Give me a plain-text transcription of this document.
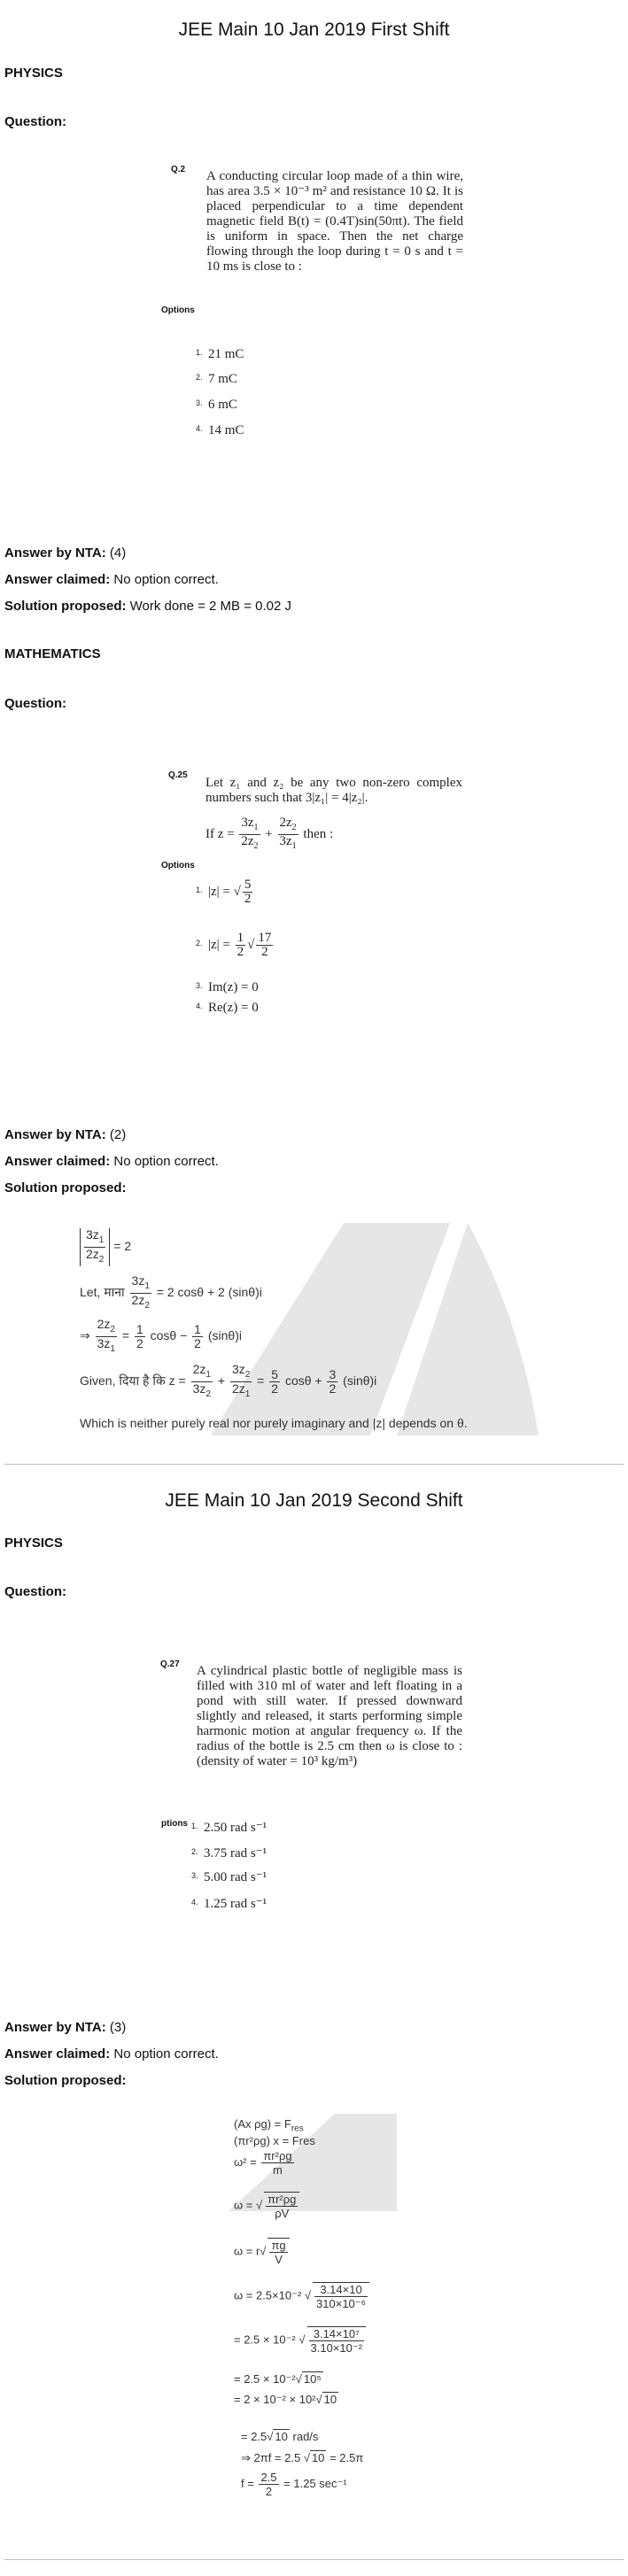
JEE Main 10 Jan 2019 First Shift
PHYSICS
Question:
Q.2 A conducting circular loop made of a thin wire, has area 3.5 × 10⁻³ m² and resistance 10 Ω. It is placed perpendicular to a time dependent magnetic field B(t) = (0.4T)sin(50πt). The field is uniform in space. Then the net charge flowing through the loop during t = 0 s and t = 10 ms is close to :
Options
1. 21 mC
2. 7 mC
3. 6 mC
4. 14 mC
Answer by NTA: (4)
Answer claimed: No option correct.
Solution proposed: Work done = 2 MB = 0.02 J
MATHEMATICS
Question:
Q.25
Let z₁ and z₂ be any two non-zero complex numbers such that 3|z₁| = 4|z₂|.
If $z = \frac{3z_1}{2z_2} + \frac{2z_2}{3z_1}$ then :
Options
1. |z| = √ $\frac{5}{2}$
2. $|z| = \frac{1}{2}$ √ $\frac{17}{2}$
3. Im(z) = 0
4. Re(z) = 0
Answer by NTA: (2)
Answer claimed: No option correct.
Solution proposed:
$\frac{3z_1}{2z_2} = 2$
Let, माना $\frac{3z_1}{2z_2} = 2$ cosθ + 2 (sinθ)i
⇒ $\frac{2z_2}{3z_1} = \frac{1}{2}$ $\cos\theta - \frac{1}{2} (\sin\theta)i$
Given, दिया है कि $z = \frac{2z_1}{3z_2} + \frac{3z_2}{2z_1} = \frac{5}{2}$ $\cos\theta + \frac{3}{2} (\sin\theta)i$
Which is neither purely real nor purely imaginary and |z| depends on θ.
JEE Main 10 Jan 2019 Second Shift
PHYSICS
Question:
Q.27 A cylindrical plastic bottle of negligible mass is filled with 310 ml of water and left floating in a pond with still water. If pressed downward slightly and released, it starts performing simple harmonic motion at angular frequency ω. If the radius of the bottle is 2.5 cm then ω is close to : (density of water = 10³ kg/m³)
ptions 1. 2.50 rad s⁻¹
2. 3.75 rad s⁻¹
3. 5.00 rad s⁻¹
4. 1.25 rad s⁻¹
Answer by NTA: (3)
Answer claimed: No option correct.
Solution proposed:
(Ax $\rho g) = F_{res}$
(πr²ρg) x = Fres
$\omega^2 = \frac{\text{πr²ρg}}{m}$
ω = √ $\frac{\text{πr²ρg}}{\rho V}$
$\omega = r√ \frac{\pi g}{V}$
ω = 2.5×10⁻² √ $\frac{3.14\times 10}{\text{310×10⁻⁶}}$
= 2.5 × 10⁻² √ $\frac{\text{3.14×10⁷}}{\text{3.10×10⁻²}}$
= 2.5 × 10⁻²√ 10⁵
= 2 × 10⁻² × 10²√ 10
= 2.5√ 10 rad/s
⇒ 2πf = 2.5 √ 10 = 2.5π
$f = \frac{2.5}{2} = 1.25$ sec⁻¹
